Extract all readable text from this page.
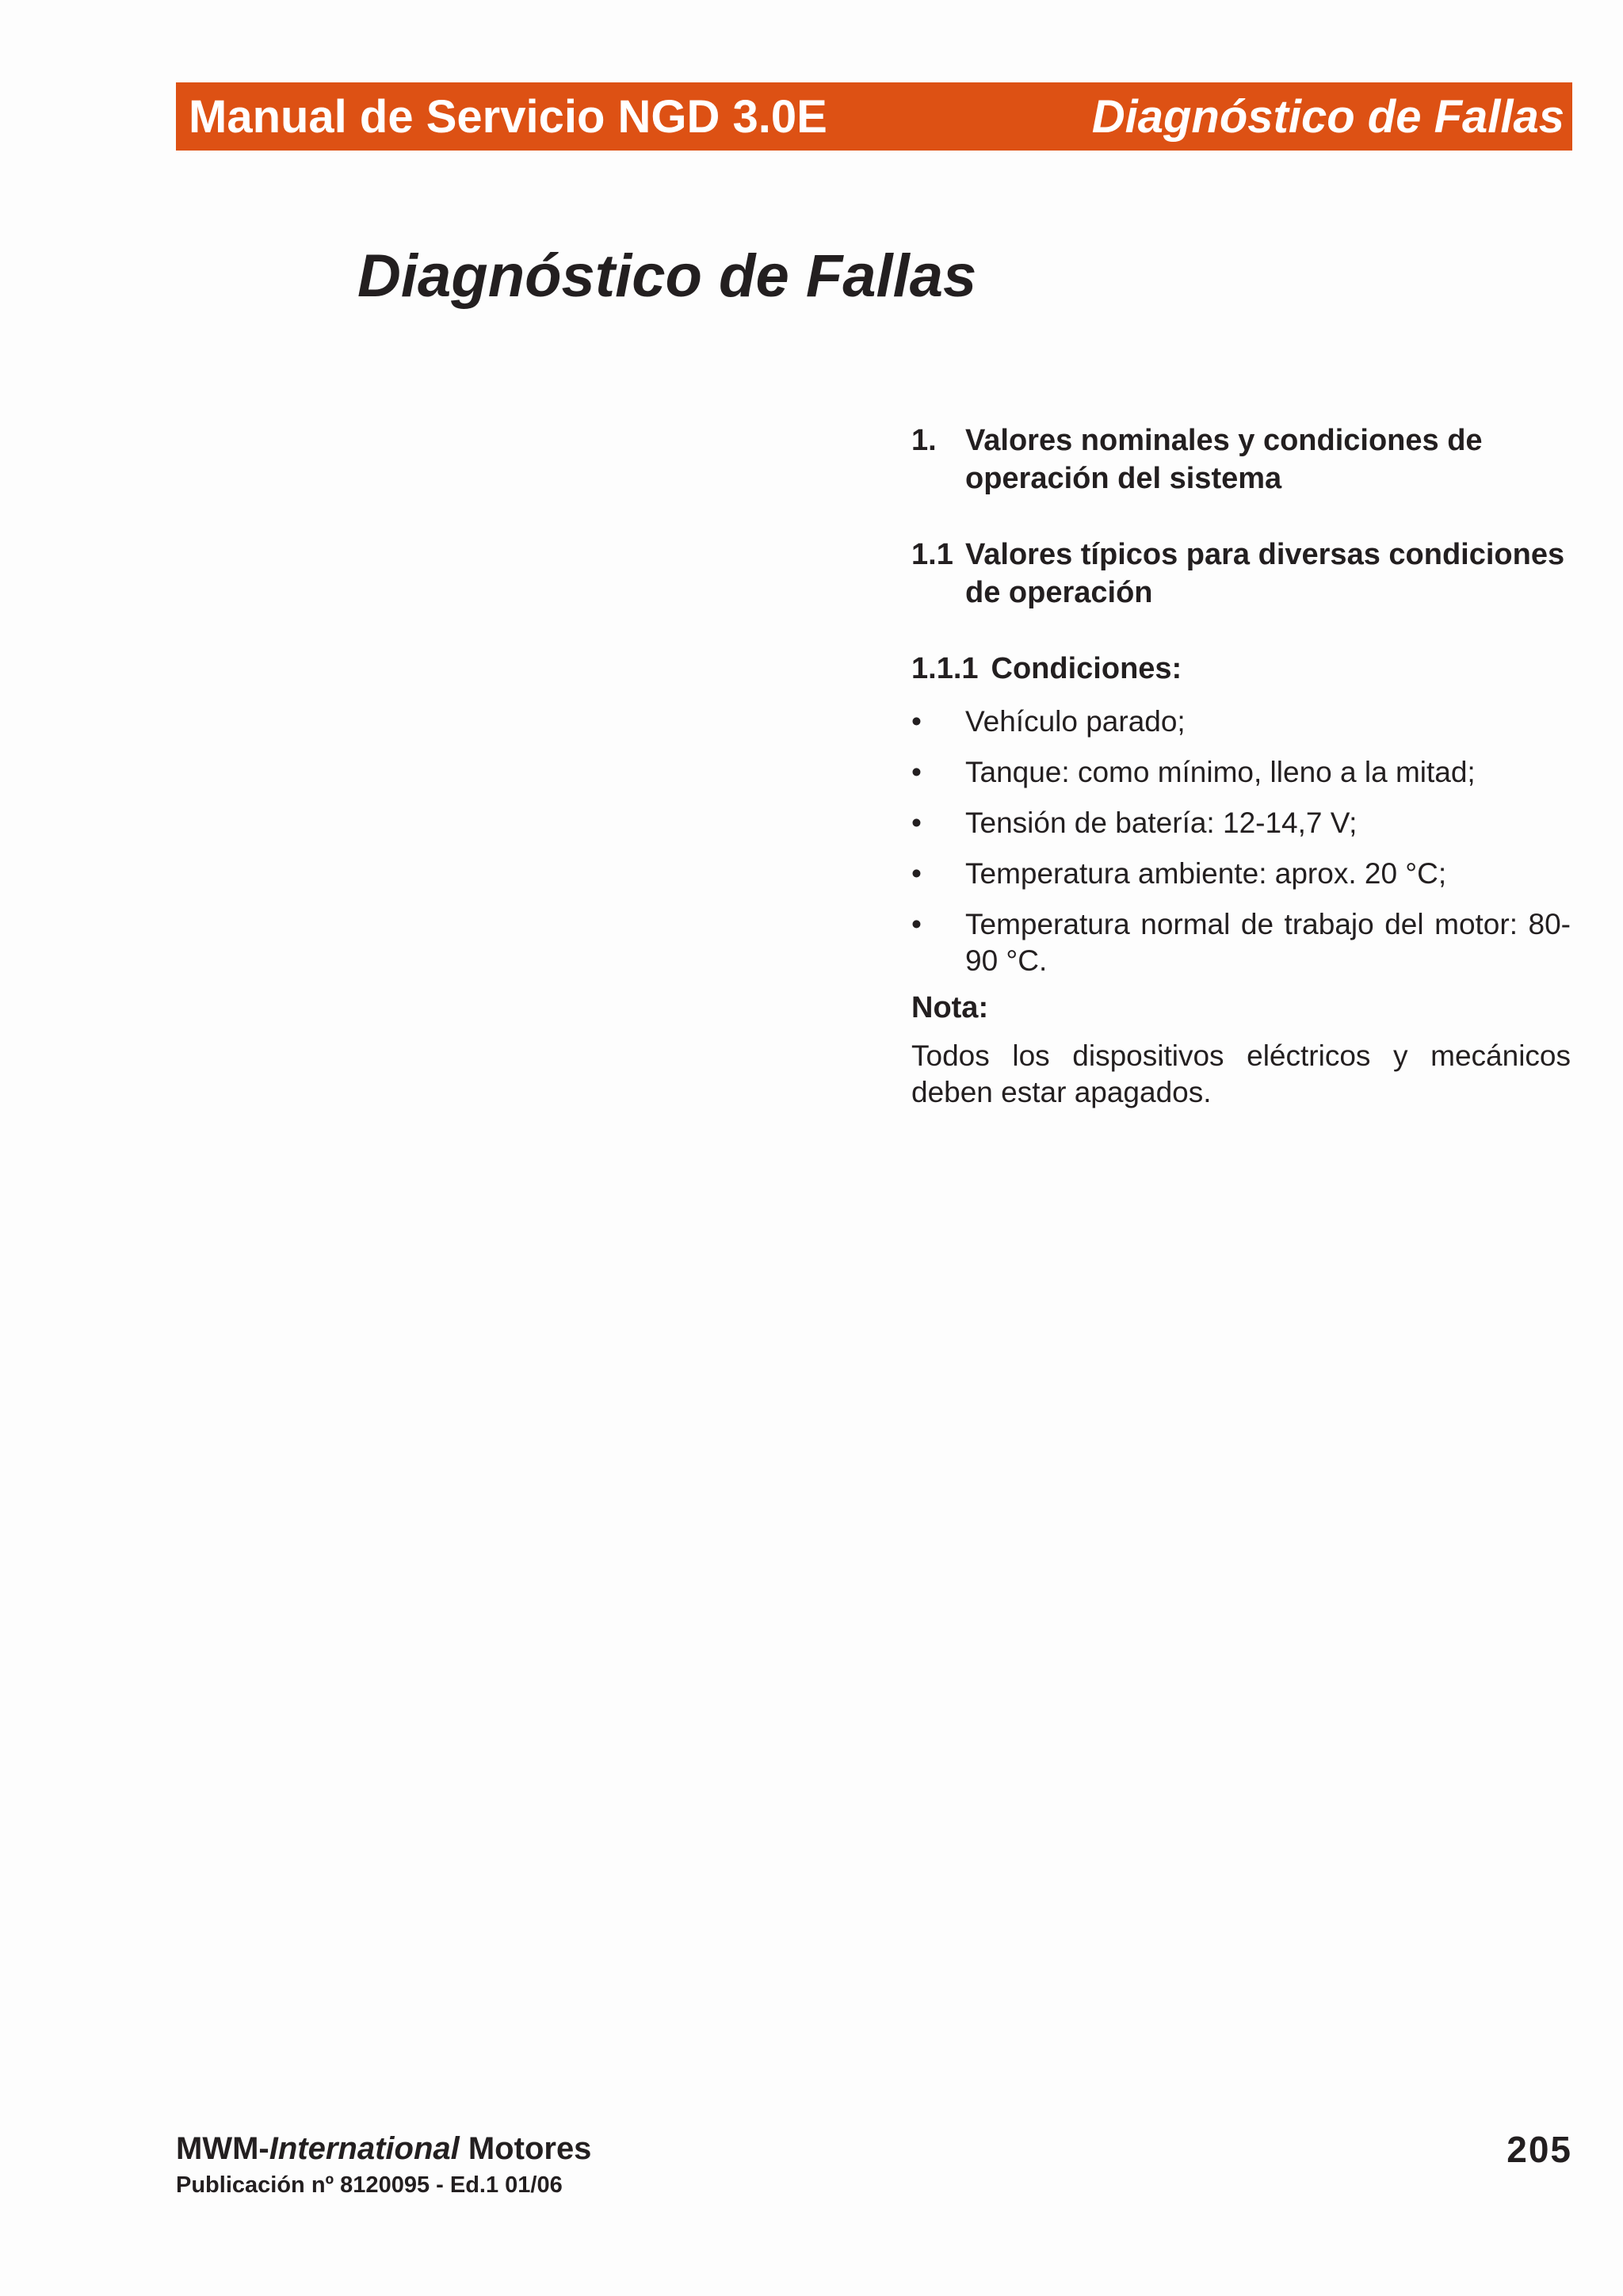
Manual de Servicio NGD 3.0E	Diagnóstico de Fallas
Diagnóstico de Fallas
1. Valores nominales y condiciones de operación del sistema
1.1 Valores típicos para diversas condiciones de operación
1.1.1 Condiciones:
•	Vehículo parado;
•	Tanque: como mínimo, lleno a la mitad;
•	Tensión de batería: 12-14,7 V;
•	Temperatura ambiente: aprox. 20 °C;
•	Temperatura normal de trabajo del motor: 80-90 °C.
Nota:

Todos los dispositivos eléctricos y mecánicos deben estar apagados.

MWM-International Motores
Publicación nº 8120095 - Ed.1 01/06
205
